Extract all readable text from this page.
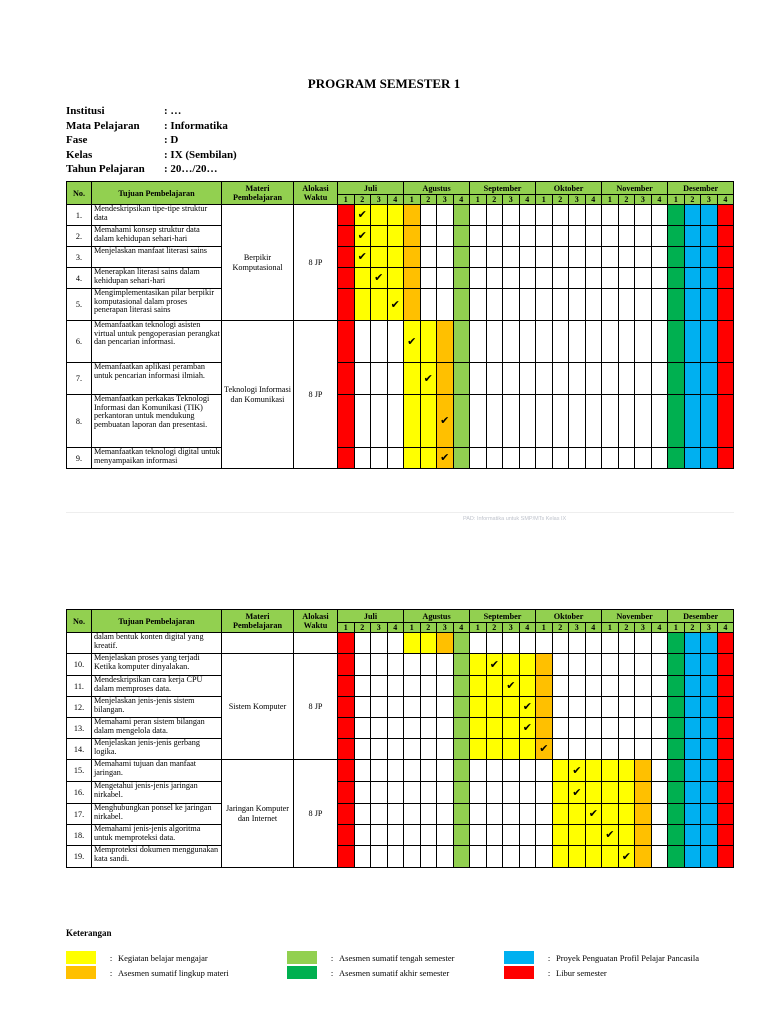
PROGRAM SEMESTER 1
Institusi	: …
Mata Pelajaran	: Informatika
Fase	: D
Kelas	: IX (Sembilan)
Tahun Pelajaran	: 20…/20…
No.	Tujuan Pembelajaran	Materi Pembelajaran	Alokasi Waktu	Juli				Agustus				September				Oktober				November				Desember			
				1	2	3	4	1	2	3	4	1	2	3	4	1	2	3	4	1	2	3	4	1	2	3	4
1.	Mendeskripsikan tipe-tipe struktur data	Berpikir Komputasional	8 JP		✔																						
2.	Memahami konsep struktur data dalam kehidupan sehari-hari				✔																						
3.	Menjelaskan manfaat literasi sains				✔																						
4.	Menerapkan literasi sains dalam kehidupan sehari-hari					✔																					
5.	Mengimplementasikan pilar berpikir komputasional dalam proses penerapan literasi sains						✔																				
6.	Memanfaatkan teknologi asisten virtual untuk pengoperasian perangkat dan pencarian informasi.	Teknologi Informasi dan Komunikasi	8 JP					✔																			
7.	Memanfaatkan aplikasi peramban untuk pencarian informasi ilmiah.								✔																		
8.	Memanfaatkan perkakas Teknologi Informasi dan Komunikasi (TIK) perkantoran untuk mendukung pembuatan laporan dan presentasi.									✔																	
9.	Memanfaatkan teknologi digital untuk menyampaikan informasi									✔																	
PAD: Informatika untuk SMP/MTs Kelas IX
No.	Tujuan Pembelajaran	Materi Pembelajaran	Alokasi Waktu	Juli				Agustus				September				Oktober				November				Desember			
				1	2	3	4	1	2	3	4	1	2	3	4	1	2	3	4	1	2	3	4	1	2	3	4
	dalam bentuk konten digital yang kreatif.																										
10.	Menjelaskan proses yang terjadi Ketika komputer dinyalakan.	Sistem Komputer	8 JP										✔														
11.	Mendeskripsikan cara kerja CPU dalam memproses data.													✔													
12.	Menjelaskan jenis-jenis sistem bilangan.														✔												
13.	Memahami peran sistem bilangan dalam mengelola data.														✔												
14.	Menjelaskan jenis-jenis gerbang logika.															✔											
15.	Memahami tujuan dan manfaat jaringan.	Jaringan Komputer dan Internet	8 JP															✔									
16.	Mengetahui jenis-jenis jaringan nirkabel.																	✔									
17.	Menghubungkan ponsel ke jaringan nirkabel.																		✔								
18.	Memahami jenis-jenis algoritma untuk memproteksi data.																			✔							
19.	Memproteksi dokumen menggunakan kata sandi.																				✔						
Keterangan
: Kegiatan belajar mengajar
: Asesmen sumatif lingkup materi
: Asesmen sumatif tengah semester
: Asesmen sumatif akhir semester
: Proyek Penguatan Profil Pelajar Pancasila
: Libur semester
